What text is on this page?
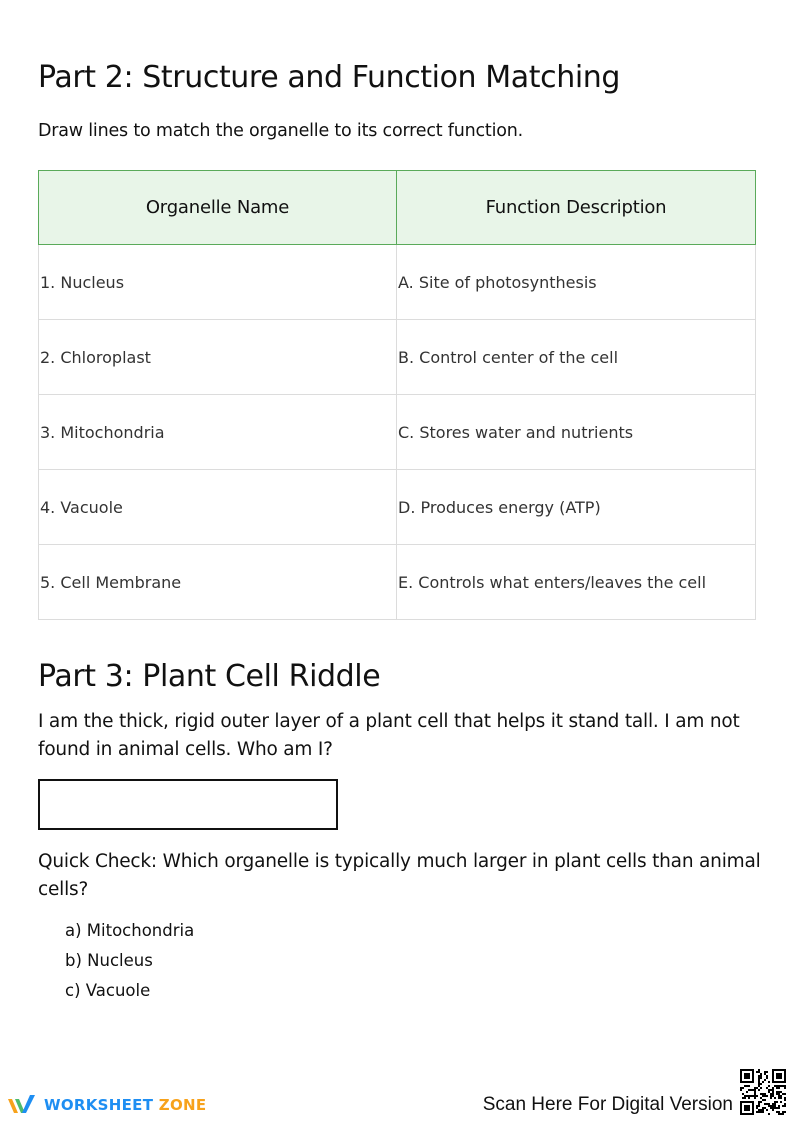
Part 2: Structure and Function Matching

Draw lines to match the organelle to its correct function.

Organelle Name	Function Description
1. Nucleus	A. Site of photosynthesis
2. Chloroplast	B. Control center of the cell
3. Mitochondria	C. Stores water and nutrients
4. Vacuole	D. Produces energy (ATP)
5. Cell Membrane	E. Controls what enters/leaves the cell
Part 3: Plant Cell Riddle

I am the thick, rigid outer layer of a plant cell that helps it stand tall. I am not found in animal cells. Who am I?

Quick Check: Which organelle is typically much larger in plant cells than animal cells?

a) Mitochondria
b) Nucleus
c) Vacuole
WORKSHEET ZONE	Scan Here For Digital Version
